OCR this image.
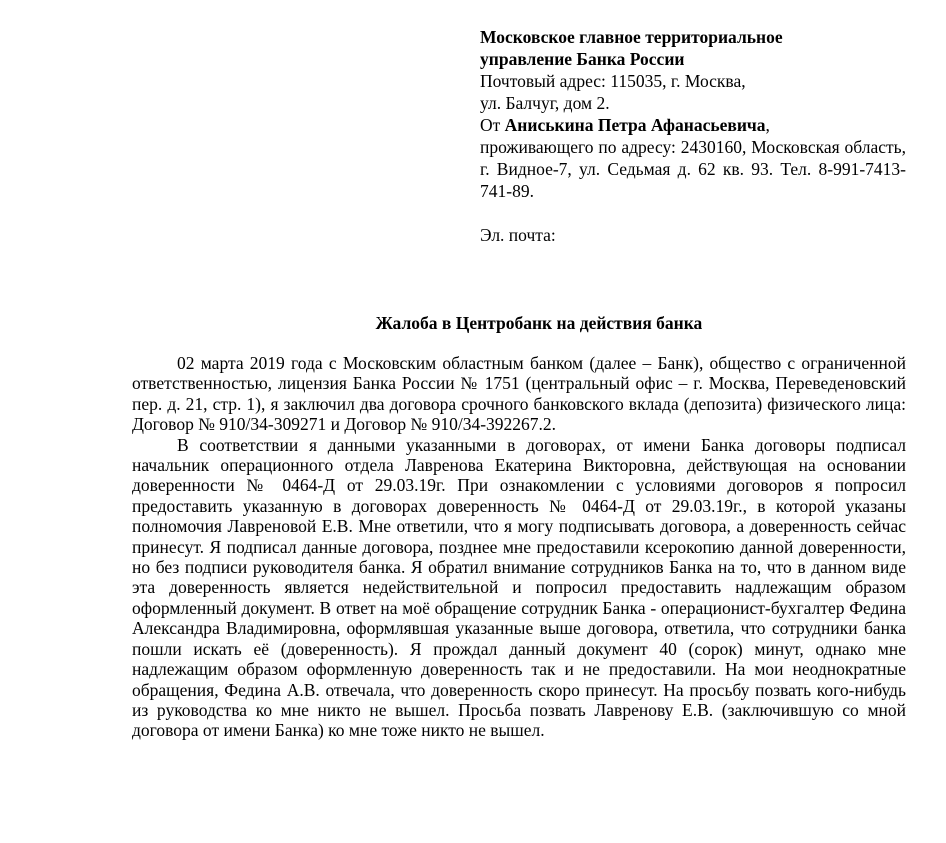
Московское главное территориальное

управление Банка России

Почтовый адрес: 115035, г. Москва,

ул. Балчуг, дом 2.

От Аниськина Петра Афанасьевича,
проживающего по адресу: 2430160, Московская область, г. Видное-7, ул. Седьмая д. 62 кв. 93. Тел. 8-991-7413-741-89.

Эл. почта:

Жалоба в Центробанк на действия банка

02 марта 2019 года с Московским областным банком (далее – Банк), общество с ограниченной ответственностью, лицензия Банка России № 1751 (центральный офис – г. Москва, Переведеновский пер. д. 21, стр. 1), я заключил два договора срочного банковского вклада (депозита) физического лица: Договор № 910/34-309271 и Договор № 910/34-392267.2.

В соответствии я данными указанными в договорах, от имени Банка договоры подписал начальник операционного отдела Лавренова Екатерина Викторовна, действующая на основании доверенности № 0464-Д от 29.03.19г. При ознакомлении с условиями договоров я попросил предоставить указанную в договорах доверенность № 0464-Д от 29.03.19г., в которой указаны полномочия Лавреновой Е.В. Мне ответили, что я могу подписывать договора, а доверенность сейчас принесут. Я подписал данные договора, позднее мне предоставили ксерокопию данной доверенности, но без подписи руководителя банка. Я обратил внимание сотрудников Банка на то, что в данном виде эта доверенность является недействительной и попросил предоставить надлежащим образом оформленный документ. В ответ на моё обращение сотрудник Банка - операционист-бухгалтер Федина Александра Владимировна, оформлявшая указанные выше договора, ответила, что сотрудники банка пошли искать её (доверенность). Я прождал данный документ 40 (сорок) минут, однако мне надлежащим образом оформленную доверенность так и не предоставили. На мои неоднократные обращения, Федина А.В. отвечала, что доверенность скоро принесут. На просьбу позвать кого-нибудь из руководства ко мне никто не вышел. Просьба позвать Лавренову Е.В. (заключившую со мной договора от имени Банка) ко мне тоже никто не вышел.
